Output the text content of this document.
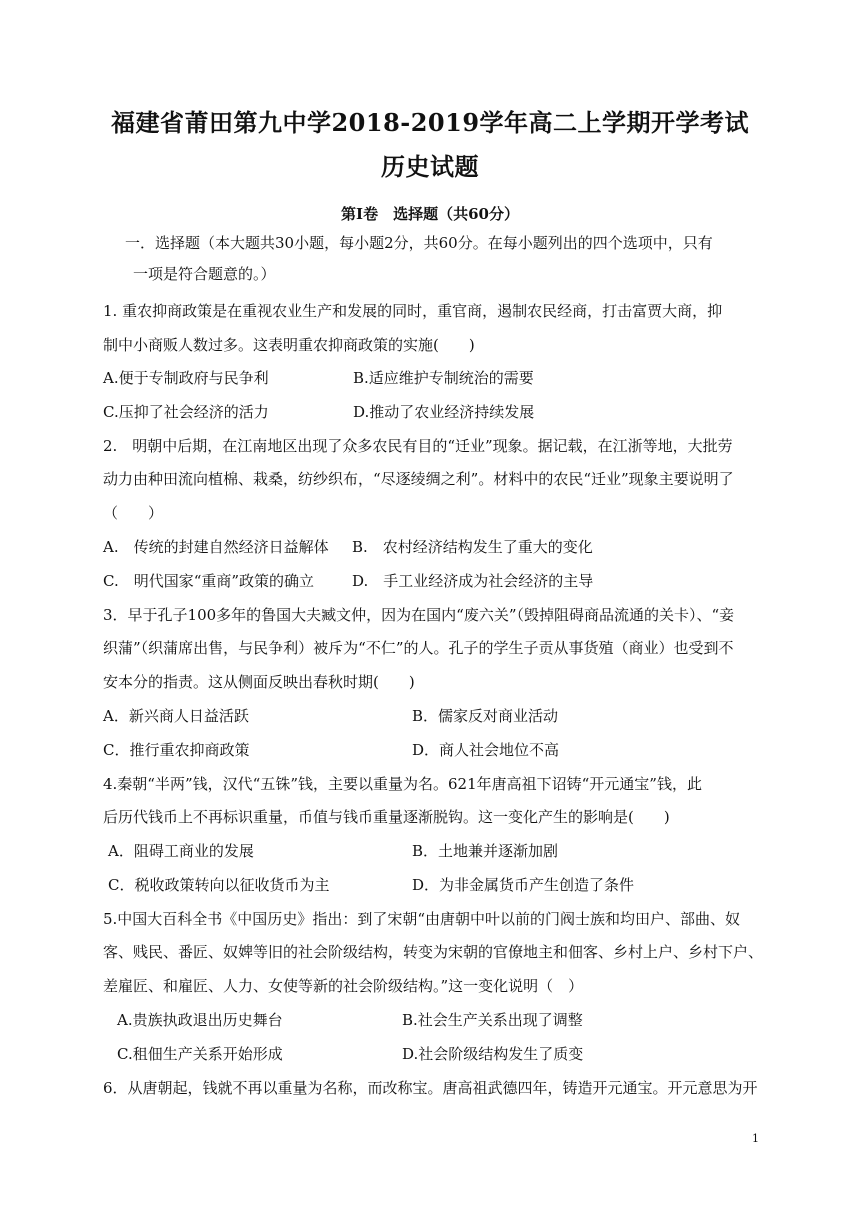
福建省莆田第九中学2018-2019学年高二上学期开学考试
历史试题
第Ⅰ卷　选择题（共60分）
一．选择题（本大题共30小题，每小题2分，共60分。在每小题列出的四个选项中，只有
一项是符合题意的。）
1. 重农抑商政策是在重视农业生产和发展的同时，重官商，遏制农民经商，打击富贾大商，抑
制中小商贩人数过多。这表明重农抑商政策的实施(　　)
A.便于专制政府与民争利	B.适应维护专制统治的需要
C.压抑了社会经济的活力	D.推动了农业经济持续发展
2.　明朝中后期，在江南地区出现了众多农民有目的“迁业”现象。据记载，在江浙等地，大批劳
动力由种田流向植棉、栽桑，纺纱织布，“尽逐绫绸之利”。材料中的农民“迁业”现象主要说明了
（　　）
A.　传统的封建自然经济日益解体 B.　农村经济结构发生了重大的变化
C.　明代国家“重商”政策的确立	D.　手工业经济成为社会经济的主导
3．早于孔子100多年的鲁国大夫臧文仲，因为在国内“废六关”（毁掉阻碍商品流通的关卡）、“妾
织蒲”（织蒲席出售，与民争利）被斥为“不仁”的人。孔子的学生子贡从事货殖（商业）也受到不
安本分的指责。这从侧面反映出春秋时期(　　)
A．新兴商人日益活跃	B．儒家反对商业活动
C．推行重农抑商政策	D．商人社会地位不高
4.秦朝“半两”钱，汉代“五铢”钱，主要以重量为名。621年唐高祖下诏铸“开元通宝”钱，此
后历代钱币上不再标识重量，币值与钱币重量逐渐脱钩。这一变化产生的影响是(　　)
A．阻碍工商业的发展	B．土地兼并逐渐加剧
C．税收政策转向以征收货币为主	D．为非金属货币产生创造了条件
5.中国大百科全书《中国历史》指出：到了宋朝“由唐朝中叶以前的门阀士族和均田户、部曲、奴
客、贱民、番匠、奴婢等旧的社会阶级结构，转变为宋朝的官僚地主和佃客、乡村上户、乡村下户、
差雇匠、和雇匠、人力、女使等新的社会阶级结构。”这一变化说明（　）
A.贵族执政退出历史舞台	B.社会生产关系出现了调整
C.租佃生产关系开始形成	D.社会阶级结构发生了质变
6．从唐朝起，钱就不再以重量为名称，而改称宝。唐高祖武德四年，铸造开元通宝。开元意思为开
1
